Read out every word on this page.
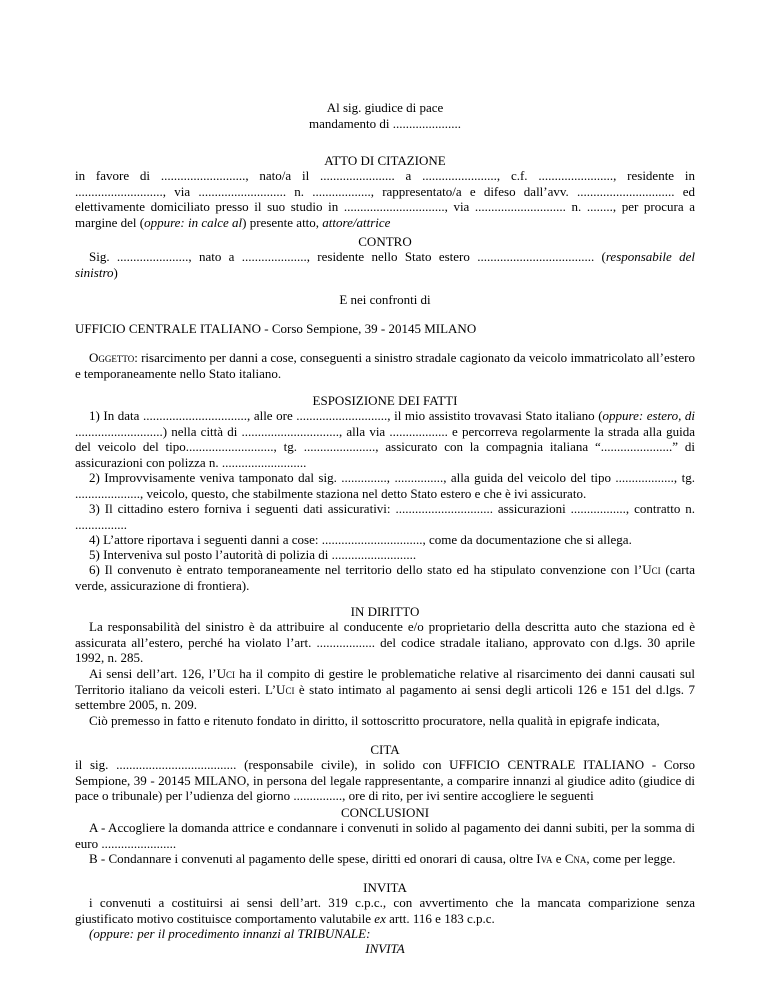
Al sig. giudice di pace

mandamento di .....................

ATTO DI CITAZIONE
in favore di .........................., nato/a il ....................... a ......................., c.f. ......................., residente in ..........................., via ........................... n. .................., rappresentato/a e difeso dall’avv. .............................. ed elettivamente domiciliato presso il suo studio in ..............................., via ............................ n. ........, per procura a margine del (oppure: in calce al) presente atto, attore/attrice
CONTRO
Sig. ......................, nato a ...................., residente nello Stato estero .................................... (responsabile del sinistro)
E nei confronti di
UFFICIO CENTRALE ITALIANO - Corso Sempione, 39 - 20145 MILANO
Oggetto: risarcimento per danni a cose, conseguenti a sinistro stradale cagionato da veicolo immatricolato all’estero e temporaneamente nello Stato italiano.
ESPOSIZIONE DEI FATTI
1) In data ................................, alle ore ............................, il mio assistito trovavasi Stato italiano (oppure: estero, di ...........................) nella città di .............................., alla via .................. e percorreva regolarmente la strada alla guida del veicolo del tipo..........................., tg. ......................, assicurato con la compagnia italiana “......................” di assicurazioni con polizza n. ..........................
2) Improvvisamente veniva tamponato dal sig. .............., ..............., alla guida del veicolo del tipo .................., tg. ...................., veicolo, questo, che stabilmente staziona nel detto Stato estero e che è ivi assicurato.
3) Il cittadino estero forniva i seguenti dati assicurativi: .............................. assicurazioni ................., contratto n. ................
4) L’attore riportava i seguenti danni a cose: ..............................., come da documentazione che si allega.
5) Interveniva sul posto l’autorità di polizia di ..........................
6) Il convenuto è entrato temporaneamente nel territorio dello stato ed ha stipulato convenzione con l’Uci (carta verde, assicurazione di frontiera).
IN DIRITTO
La responsabilità del sinistro è da attribuire al conducente e/o proprietario della descritta auto che staziona ed è assicurata all’estero, perché ha violato l’art. .................. del codice stradale italiano, approvato con d.lgs. 30 aprile 1992, n. 285.
Ai sensi dell’art. 126, l’Uci ha il compito di gestire le problematiche relative al risarcimento dei danni causati sul Territorio italiano da veicoli esteri. L’Uci è stato intimato al pagamento ai sensi degli articoli 126 e 151 del d.lgs. 7 settembre 2005, n. 209.
Ciò premesso in fatto e ritenuto fondato in diritto, il sottoscritto procuratore, nella qualità in epigrafe indicata,
CITA
il sig. ..................................... (responsabile civile), in solido con UFFICIO CENTRALE ITALIANO - Corso Sempione, 39 - 20145 MILANO, in persona del legale rappresentante, a comparire innanzi al giudice adito (giudice di pace o tribunale) per l’udienza del giorno ..............., ore di rito, per ivi sentire accogliere le seguenti
CONCLUSIONI
A - Accogliere la domanda attrice e condannare i convenuti in solido al pagamento dei danni subiti, per la somma di euro .......................
B - Condannare i convenuti al pagamento delle spese, diritti ed onorari di causa, oltre Iva e Cna, come per legge.
INVITA
i convenuti a costituirsi ai sensi dell’art. 319 c.p.c., con avvertimento che la mancata comparizione senza giustificato motivo costituisce comportamento valutabile ex artt. 116 e 183 c.p.c.
(oppure: per il procedimento innanzi al TRIBUNALE:
INVITA
